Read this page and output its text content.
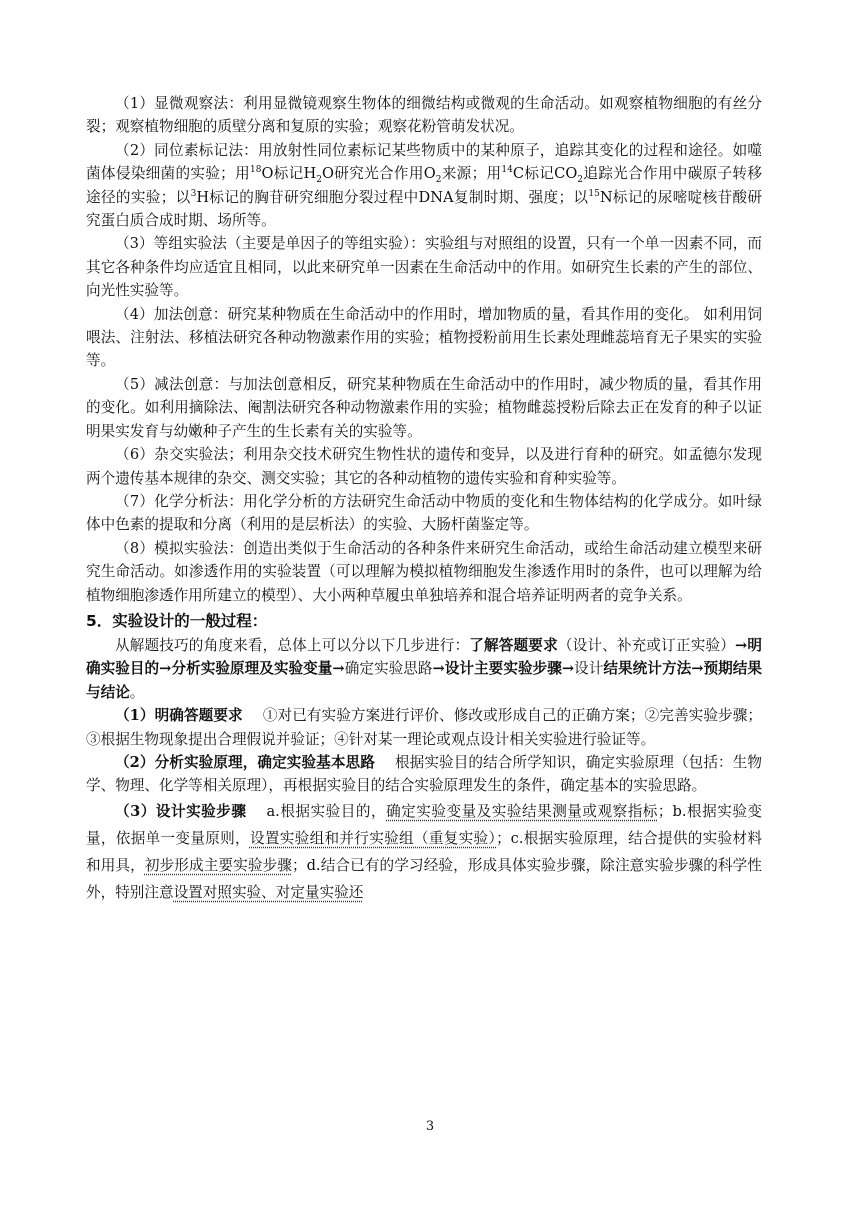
（1）显微观察法：利用显微镜观察生物体的细微结构或微观的生命活动。如观察植物细胞的有丝分裂；观察植物细胞的质壁分离和复原的实验；观察花粉管萌发状况。

（2）同位素标记法：用放射性同位素标记某些物质中的某种原子，追踪其变化的过程和途径。如噬菌体侵染细菌的实验；用$^{18}$O标记$H_2O$研究光合作用$O_2$来源；用$^{14}$C标记$CO_2$追踪光合作用中碳原子转移途径的实验；以$^3$H标记的胸苷研究细胞分裂过程中DNA复制时期、强度；以$^{15}$N标记的尿嘧啶核苷酸研究蛋白质合成时期、场所等。

（3）等组实验法（主要是单因子的等组实验）：实验组与对照组的设置，只有一个单一因素不同，而其它各种条件均应适宜且相同，以此来研究单一因素在生命活动中的作用。如研究生长素的产生的部位、向光性实验等。

（4）加法创意：研究某种物质在生命活动中的作用时，增加物质的量，看其作用的变化。 如利用饲喂法、注射法、移植法研究各种动物激素作用的实验；植物授粉前用生长素处理雌蕊培育无子果实的实验等。

（5）减法创意：与加法创意相反，研究某种物质在生命活动中的作用时，减少物质的量，看其作用的变化。如利用摘除法、阉割法研究各种动物激素作用的实验；植物雌蕊授粉后除去正在发育的种子以证明果实发育与幼嫩种子产生的生长素有关的实验等。

（6）杂交实验法；利用杂交技术研究生物性状的遗传和变异，以及进行育种的研究。如孟德尔发现两个遗传基本规律的杂交、测交实验；其它的各种动植物的遗传实验和育种实验等。

（7）化学分析法：用化学分析的方法研究生命活动中物质的变化和生物体结构的化学成分。如叶绿体中色素的提取和分离（利用的是层析法）的实验、大肠杆菌鉴定等。

（8）模拟实验法：创造出类似于生命活动的各种条件来研究生命活动，或给生命活动建立模型来研究生命活动。如渗透作用的实验装置（可以理解为模拟植物细胞发生渗透作用时的条件，也可以理解为给植物细胞渗透作用所建立的模型）、大小两种草履虫单独培养和混合培养证明两者的竞争关系。

5．实验设计的一般过程：

从解题技巧的角度来看，总体上可以分以下几步进行：了解答题要求（设计、补充或订正实验）→明确实验目的→分析实验原理及实验变量→确定实验思路→设计主要实验步骤→设计结果统计方法→预期结果与结论。

（1）明确答题要求 ①对已有实验方案进行评价、修改或形成自己的正确方案；②完善实验步骤；③根据生物现象提出合理假说并验证；④针对某一理论或观点设计相关实验进行验证等。

（2）分析实验原理，确定实验基本思路 根据实验目的结合所学知识，确定实验原理（包括：生物学、物理、化学等相关原理），再根据实验目的结合实验原理发生的条件，确定基本的实验思路。

（3）设计实验步骤 a.根据实验目的，确定实验变量及实验结果测量或观察指标；b.根据实验变量，依据单一变量原则，设置实验组和并行实验组（重复实验）；c.根据实验原理，结合提供的实验材料和用具，初步形成主要实验步骤；d.结合已有的学习经验，形成具体实验步骤，除注意实验步骤的科学性外，特别注意设置对照实验、对定量实验还

3
